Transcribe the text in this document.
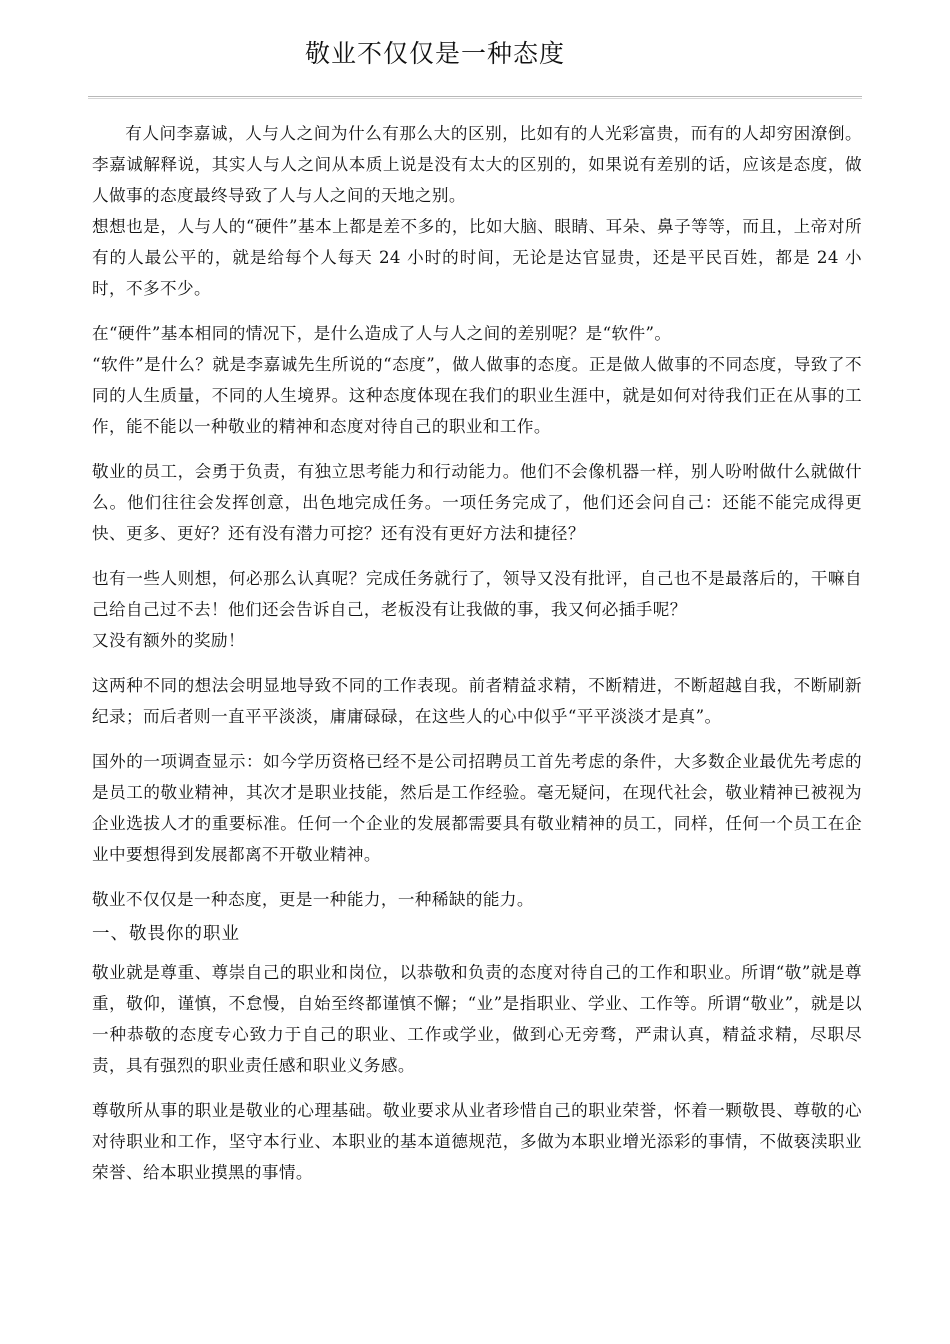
敬业不仅仅是一种态度

有人问李嘉诚，人与人之间为什么有那么大的区别，比如有的人光彩富贵，而有的人却穷困潦倒。李嘉诚解释说，其实人与人之间从本质上说是没有太大的区别的，如果说有差别的话，应该是态度，做人做事的态度最终导致了人与人之间的天地之别。

想想也是，人与人的“硬件”基本上都是差不多的，比如大脑、眼睛、耳朵、鼻子等等，而且，上帝对所有的人最公平的，就是给每个人每天 24 小时的时间，无论是达官显贵，还是平民百姓，都是 24 小时，不多不少。

在“硬件”基本相同的情况下，是什么造成了人与人之间的差别呢？是“软件”。

“软件”是什么？就是李嘉诚先生所说的“态度”，做人做事的态度。正是做人做事的不同态度，导致了不同的人生质量，不同的人生境界。这种态度体现在我们的职业生涯中，就是如何对待我们正在从事的工作，能不能以一种敬业的精神和态度对待自己的职业和工作。

敬业的员工，会勇于负责，有独立思考能力和行动能力。他们不会像机器一样，别人吩咐做什么就做什么。他们往往会发挥创意，出色地完成任务。一项任务完成了，他们还会问自己：还能不能完成得更快、更多、更好？还有没有潜力可挖？还有没有更好方法和捷径？

也有一些人则想，何必那么认真呢？完成任务就行了，领导又没有批评，自己也不是最落后的，干嘛自己给自己过不去！他们还会告诉自己，老板没有让我做的事，我又何必插手呢？

又没有额外的奖励！

这两种不同的想法会明显地导致不同的工作表现。前者精益求精，不断精进，不断超越自我，不断刷新纪录；而后者则一直平平淡淡，庸庸碌碌，在这些人的心中似乎“平平淡淡才是真”。

国外的一项调查显示：如今学历资格已经不是公司招聘员工首先考虑的条件，大多数企业最优先考虑的是员工的敬业精神，其次才是职业技能，然后是工作经验。毫无疑问，在现代社会，敬业精神已被视为企业选拔人才的重要标准。任何一个企业的发展都需要具有敬业精神的员工，同样，任何一个员工在企业中要想得到发展都离不开敬业精神。

敬业不仅仅是一种态度，更是一种能力，一种稀缺的能力。

一、敬畏你的职业

敬业就是尊重、尊崇自己的职业和岗位，以恭敬和负责的态度对待自己的工作和职业。所谓“敬”就是尊重，敬仰，谨慎，不怠慢，自始至终都谨慎不懈；“业”是指职业、学业、工作等。所谓“敬业”，就是以一种恭敬的态度专心致力于自己的职业、工作或学业，做到心无旁骛，严肃认真，精益求精，尽职尽责，具有强烈的职业责任感和职业义务感。

尊敬所从事的职业是敬业的心理基础。敬业要求从业者珍惜自己的职业荣誉，怀着一颗敬畏、尊敬的心对待职业和工作，坚守本行业、本职业的基本道德规范，多做为本职业增光添彩的事情，不做亵渎职业荣誉、给本职业摸黑的事情。
